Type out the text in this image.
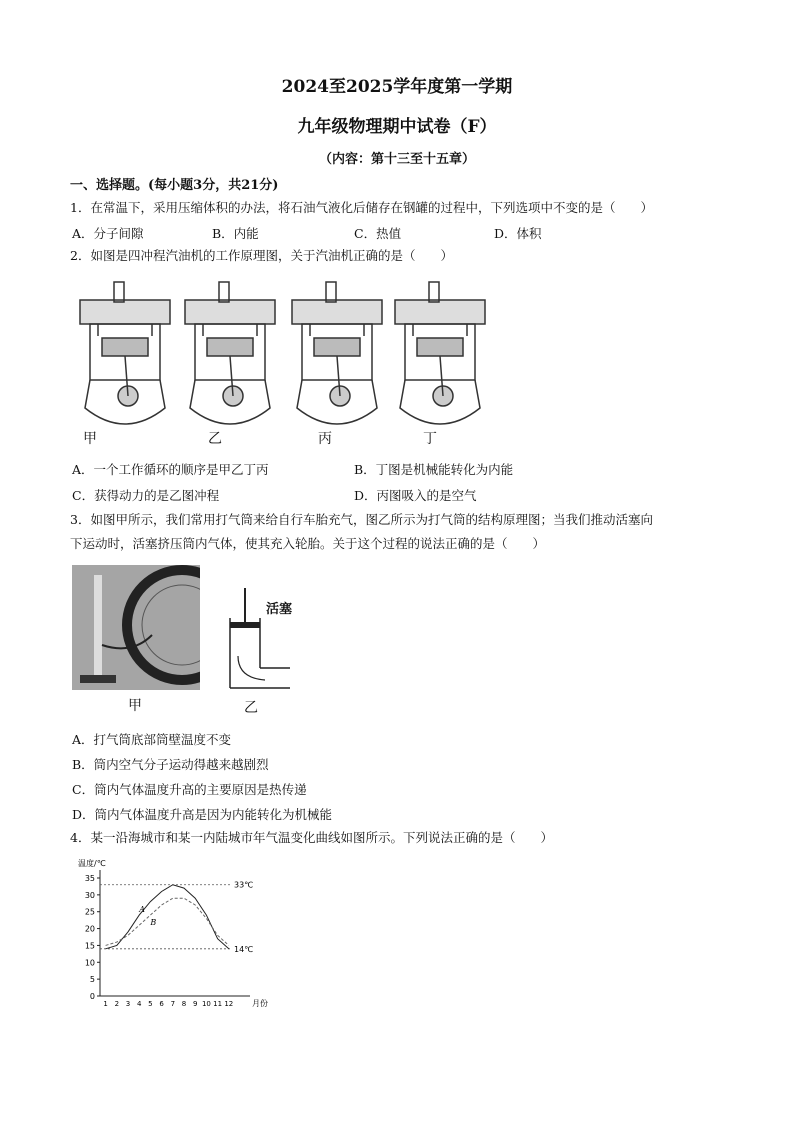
2024至2025学年度第一学期
九年级物理期中试卷（F）
（内容：第十三至十五章）
一、选择题。(每小题3分，共21分)
1．在常温下，采用压缩体积的办法，将石油气液化后储存在钢罐的过程中，下列选项中不变的是（　　）
A．分子间隙	B．内能	C．热值	D．体积
2．如图是四冲程汽油机的工作原理图，关于汽油机正确的是（　　）
甲	乙	丙	丁
A．一个工作循环的顺序是甲乙丁丙	B．丁图是机械能转化为内能
C．获得动力的是乙图冲程	D．丙图吸入的是空气
3．如图甲所示，我们常用打气筒来给自行车胎充气，图乙所示为打气筒的结构原理图；当我们推动活塞向
下运动时，活塞挤压筒内气体，使其充入轮胎。关于这个过程的说法正确的是（　　）
甲
活塞
乙
A．打气筒底部筒壁温度不变
B．筒内空气分子运动得越来越剧烈
C．筒内气体温度升高的主要原因是热传递
D．筒内气体温度升高是因为内能转化为机械能
4．某一沿海城市和某一内陆城市年气温变化曲线如图所示。下列说法正确的是（　　）
0
5
10
15
20
25
30
35
1 2 3 4 5 6 7 8 9 10 11 12
温度/℃
月份
33℃
14℃
A
B
